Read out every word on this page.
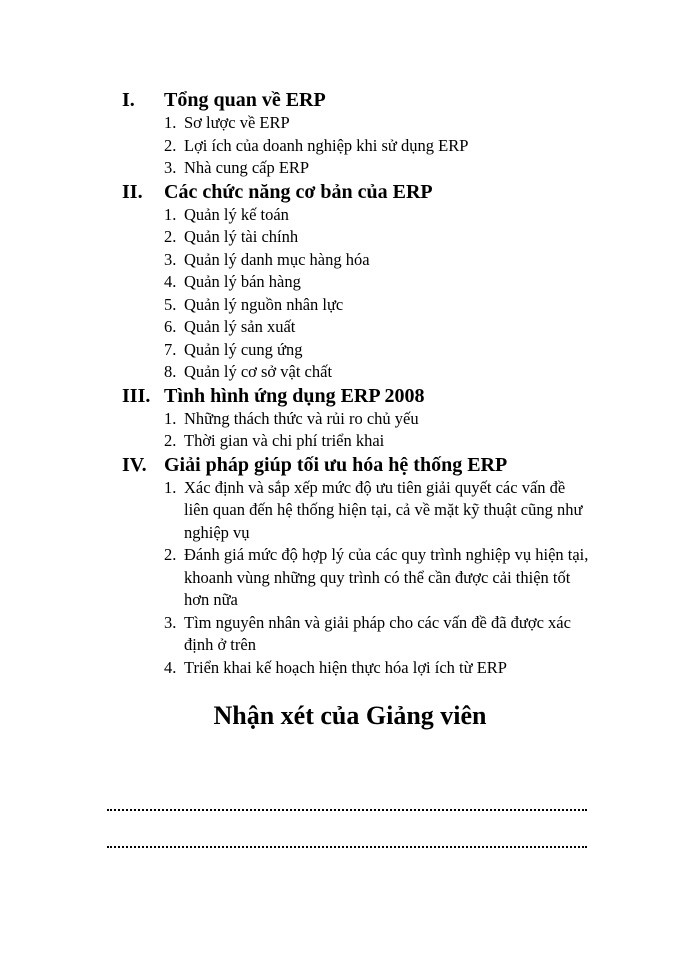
I.	Tổng quan về ERP
1. Sơ lược về ERP
2. Lợi ích của doanh nghiệp khi sử dụng ERP
3. Nhà cung cấp ERP
II.	Các chức năng cơ bản của ERP
1. Quản lý kế toán
2. Quản lý tài chính
3. Quản lý danh mục hàng hóa
4. Quản lý bán hàng
5. Quản lý nguồn nhân lực
6. Quản lý sản xuất
7. Quản lý cung ứng
8. Quản lý cơ sở vật chất
III. Tình hình ứng dụng ERP 2008
1. Những thách thức và rủi ro chủ yếu
2. Thời gian và chi phí triển khai
IV. Giải pháp giúp tối ưu hóa hệ thống ERP
1. Xác định và sắp xếp mức độ ưu tiên giải quyết các vấn đề liên quan đến hệ thống hiện tại, cả về mặt kỹ thuật cũng như nghiệp vụ
2. Đánh giá mức độ hợp lý của các quy trình nghiệp vụ hiện tại, khoanh vùng những quy trình có thể cần được cải thiện tốt hơn nữa
3. Tìm nguyên nhân và giải pháp cho các vấn đề đã được xác định ở trên
4. Triển khai kế hoạch hiện thực hóa lợi ích từ ERP
Nhận xét của Giảng viên
